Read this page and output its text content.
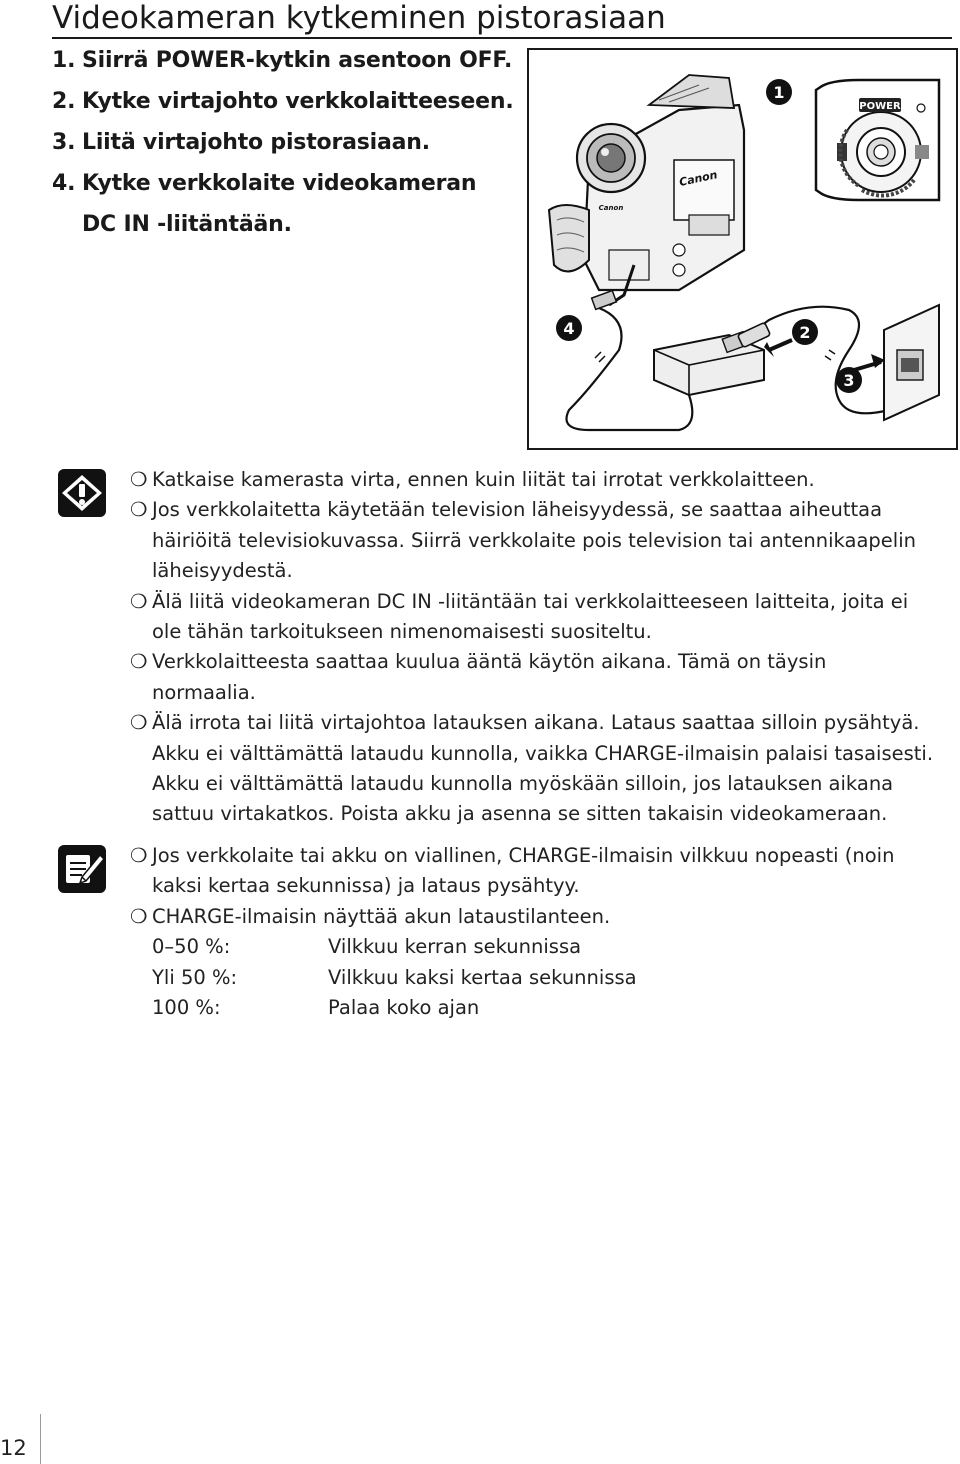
Videokameran kytkeminen pistorasiaan
1. Siirrä POWER-kytkin asentoon OFF.
2. Kytke virtajohto verkkolaitteeseen.
3. Liitä virtajohto pistorasiaan.
4. Kytke verkkolaite videokameran
DC IN -liitäntään.
POWER
Canon
Canon
1
2
3
4
❍ Katkaise kamerasta virta, ennen kuin liität tai irrotat verkkolaitteen.
❍ Jos verkkolaitetta käytetään television läheisyydessä, se saattaa aiheuttaa
häiriöitä televisiokuvassa. Siirrä verkkolaite pois television tai antennikaapelin
läheisyydestä.
❍ Älä liitä videokameran DC IN -liitäntään tai verkkolaitteeseen laitteita, joita ei
ole tähän tarkoitukseen nimenomaisesti suositeltu.
❍ Verkkolaitteesta saattaa kuulua ääntä käytön aikana. Tämä on täysin
normaalia.
❍ Älä irrota tai liitä virtajohtoa latauksen aikana. Lataus saattaa silloin pysähtyä.
Akku ei välttämättä lataudu kunnolla, vaikka CHARGE-ilmaisin palaisi tasaisesti.
Akku ei välttämättä lataudu kunnolla myöskään silloin, jos latauksen aikana
sattuu virtakatkos. Poista akku ja asenna se sitten takaisin videokameraan.
❍ Jos verkkolaite tai akku on viallinen, CHARGE-ilmaisin vilkkuu nopeasti (noin
kaksi kertaa sekunnissa) ja lataus pysähtyy.
❍ CHARGE-ilmaisin näyttää akun lataustilanteen.
0–50 %:	Vilkkuu kerran sekunnissa
Yli 50 %:	Vilkkuu kaksi kertaa sekunnissa
100 %:	Palaa koko ajan
12
